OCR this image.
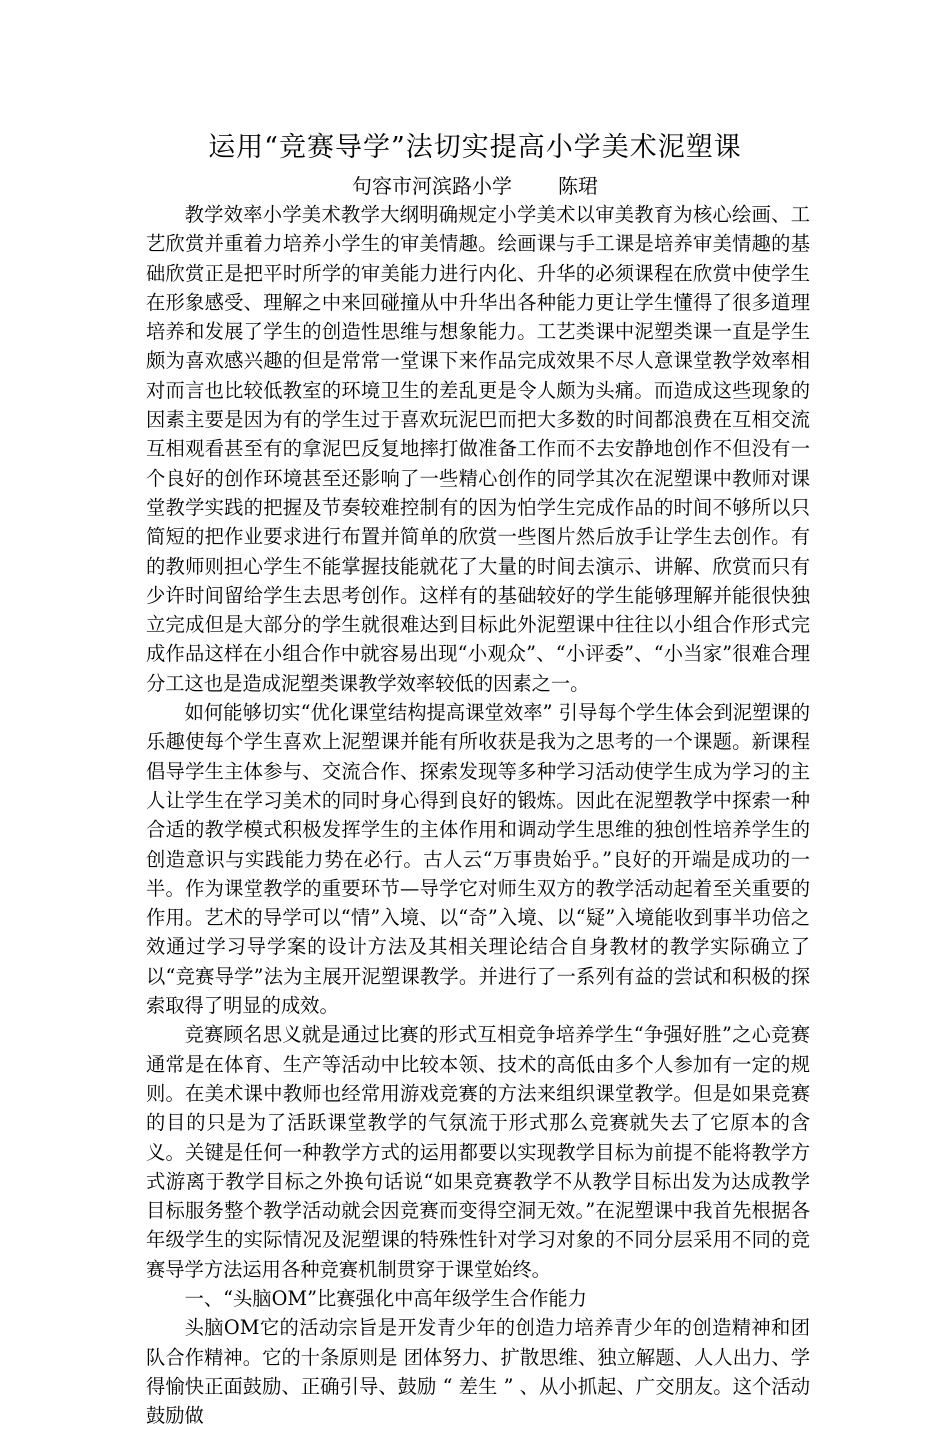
运用“竞赛导学”法切实提高小学美术泥塑课
句容市河滨路小学 陈珺

教学效率小学美术教学大纲明确规定小学美术以审美教育为核心绘画、工艺欣赏并重着力培养小学生的审美情趣。绘画课与手工课是培养审美情趣的基础欣赏正是把平时所学的审美能力进行内化、升华的必须课程在欣赏中使学生在形象感受、理解之中来回碰撞从中升华出各种能力更让学生懂得了很多道理培养和发展了学生的创造性思维与想象能力。工艺类课中泥塑类课一直是学生颇为喜欢感兴趣的但是常常一堂课下来作品完成效果不尽人意课堂教学效率相对而言也比较低教室的环境卫生的差乱更是令人颇为头痛。而造成这些现象的因素主要是因为有的学生过于喜欢玩泥巴而把大多数的时间都浪费在互相交流互相观看甚至有的拿泥巴反复地摔打做准备工作而不去安静地创作不但没有一个良好的创作环境甚至还影响了一些精心创作的同学其次在泥塑课中教师对课堂教学实践的把握及节奏较难控制有的因为怕学生完成作品的时间不够所以只简短的把作业要求进行布置并简单的欣赏一些图片然后放手让学生去创作。有的教师则担心学生不能掌握技能就花了大量的时间去演示、讲解、欣赏而只有少许时间留给学生去思考创作。这样有的基础较好的学生能够理解并能很快独立完成但是大部分的学生就很难达到目标此外泥塑课中往往以小组合作形式完成作品这样在小组合作中就容易出现“小观众”、“小评委”、“小当家”很难合理分工这也是造成泥塑类课教学效率较低的因素之一。

如何能够切实“优化课堂结构提高课堂效率” 引导每个学生体会到泥塑课的乐趣使每个学生喜欢上泥塑课并能有所收获是我为之思考的一个课题。新课程倡导学生主体参与、交流合作、探索发现等多种学习活动使学生成为学习的主人让学生在学习美术的同时身心得到良好的锻炼。因此在泥塑教学中探索一种合适的教学模式积极发挥学生的主体作用和调动学生思维的独创性培养学生的创造意识与实践能力势在必行。古人云“万事贵始乎。”良好的开端是成功的一半。作为课堂教学的重要环节—导学它对师生双方的教学活动起着至关重要的作用。艺术的导学可以“情”入境、以“奇”入境、以“疑”入境能收到事半功倍之效通过学习导学案的设计方法及其相关理论结合自身教材的教学实际确立了以“竞赛导学”法为主展开泥塑课教学。并进行了一系列有益的尝试和积极的探索取得了明显的成效。

竞赛顾名思义就是通过比赛的形式互相竞争培养学生“争强好胜”之心竞赛通常是在体育、生产等活动中比较本领、技术的高低由多个人参加有一定的规则。在美术课中教师也经常用游戏竞赛的方法来组织课堂教学。但是如果竞赛的目的只是为了活跃课堂教学的气氛流于形式那么竞赛就失去了它原本的含义。关键是任何一种教学方式的运用都要以实现教学目标为前提不能将教学方式游离于教学目标之外换句话说“如果竞赛教学不从教学目标出发为达成教学目标服务整个教学活动就会因竞赛而变得空洞无效。”在泥塑课中我首先根据各年级学生的实际情况及泥塑课的特殊性针对学习对象的不同分层采用不同的竞赛导学方法运用各种竞赛机制贯穿于课堂始终。

一、“头脑OM”比赛强化中高年级学生合作能力

头脑OM它的活动宗旨是开发青少年的创造力培养青少年的创造精神和团队合作精神。它的十条原则是 团体努力、扩散思维、独立解题、人人出力、学得愉快正面鼓励、正确引导、鼓励 “ 差生 ” 、从小抓起、广交朋友。这个活动鼓励做
